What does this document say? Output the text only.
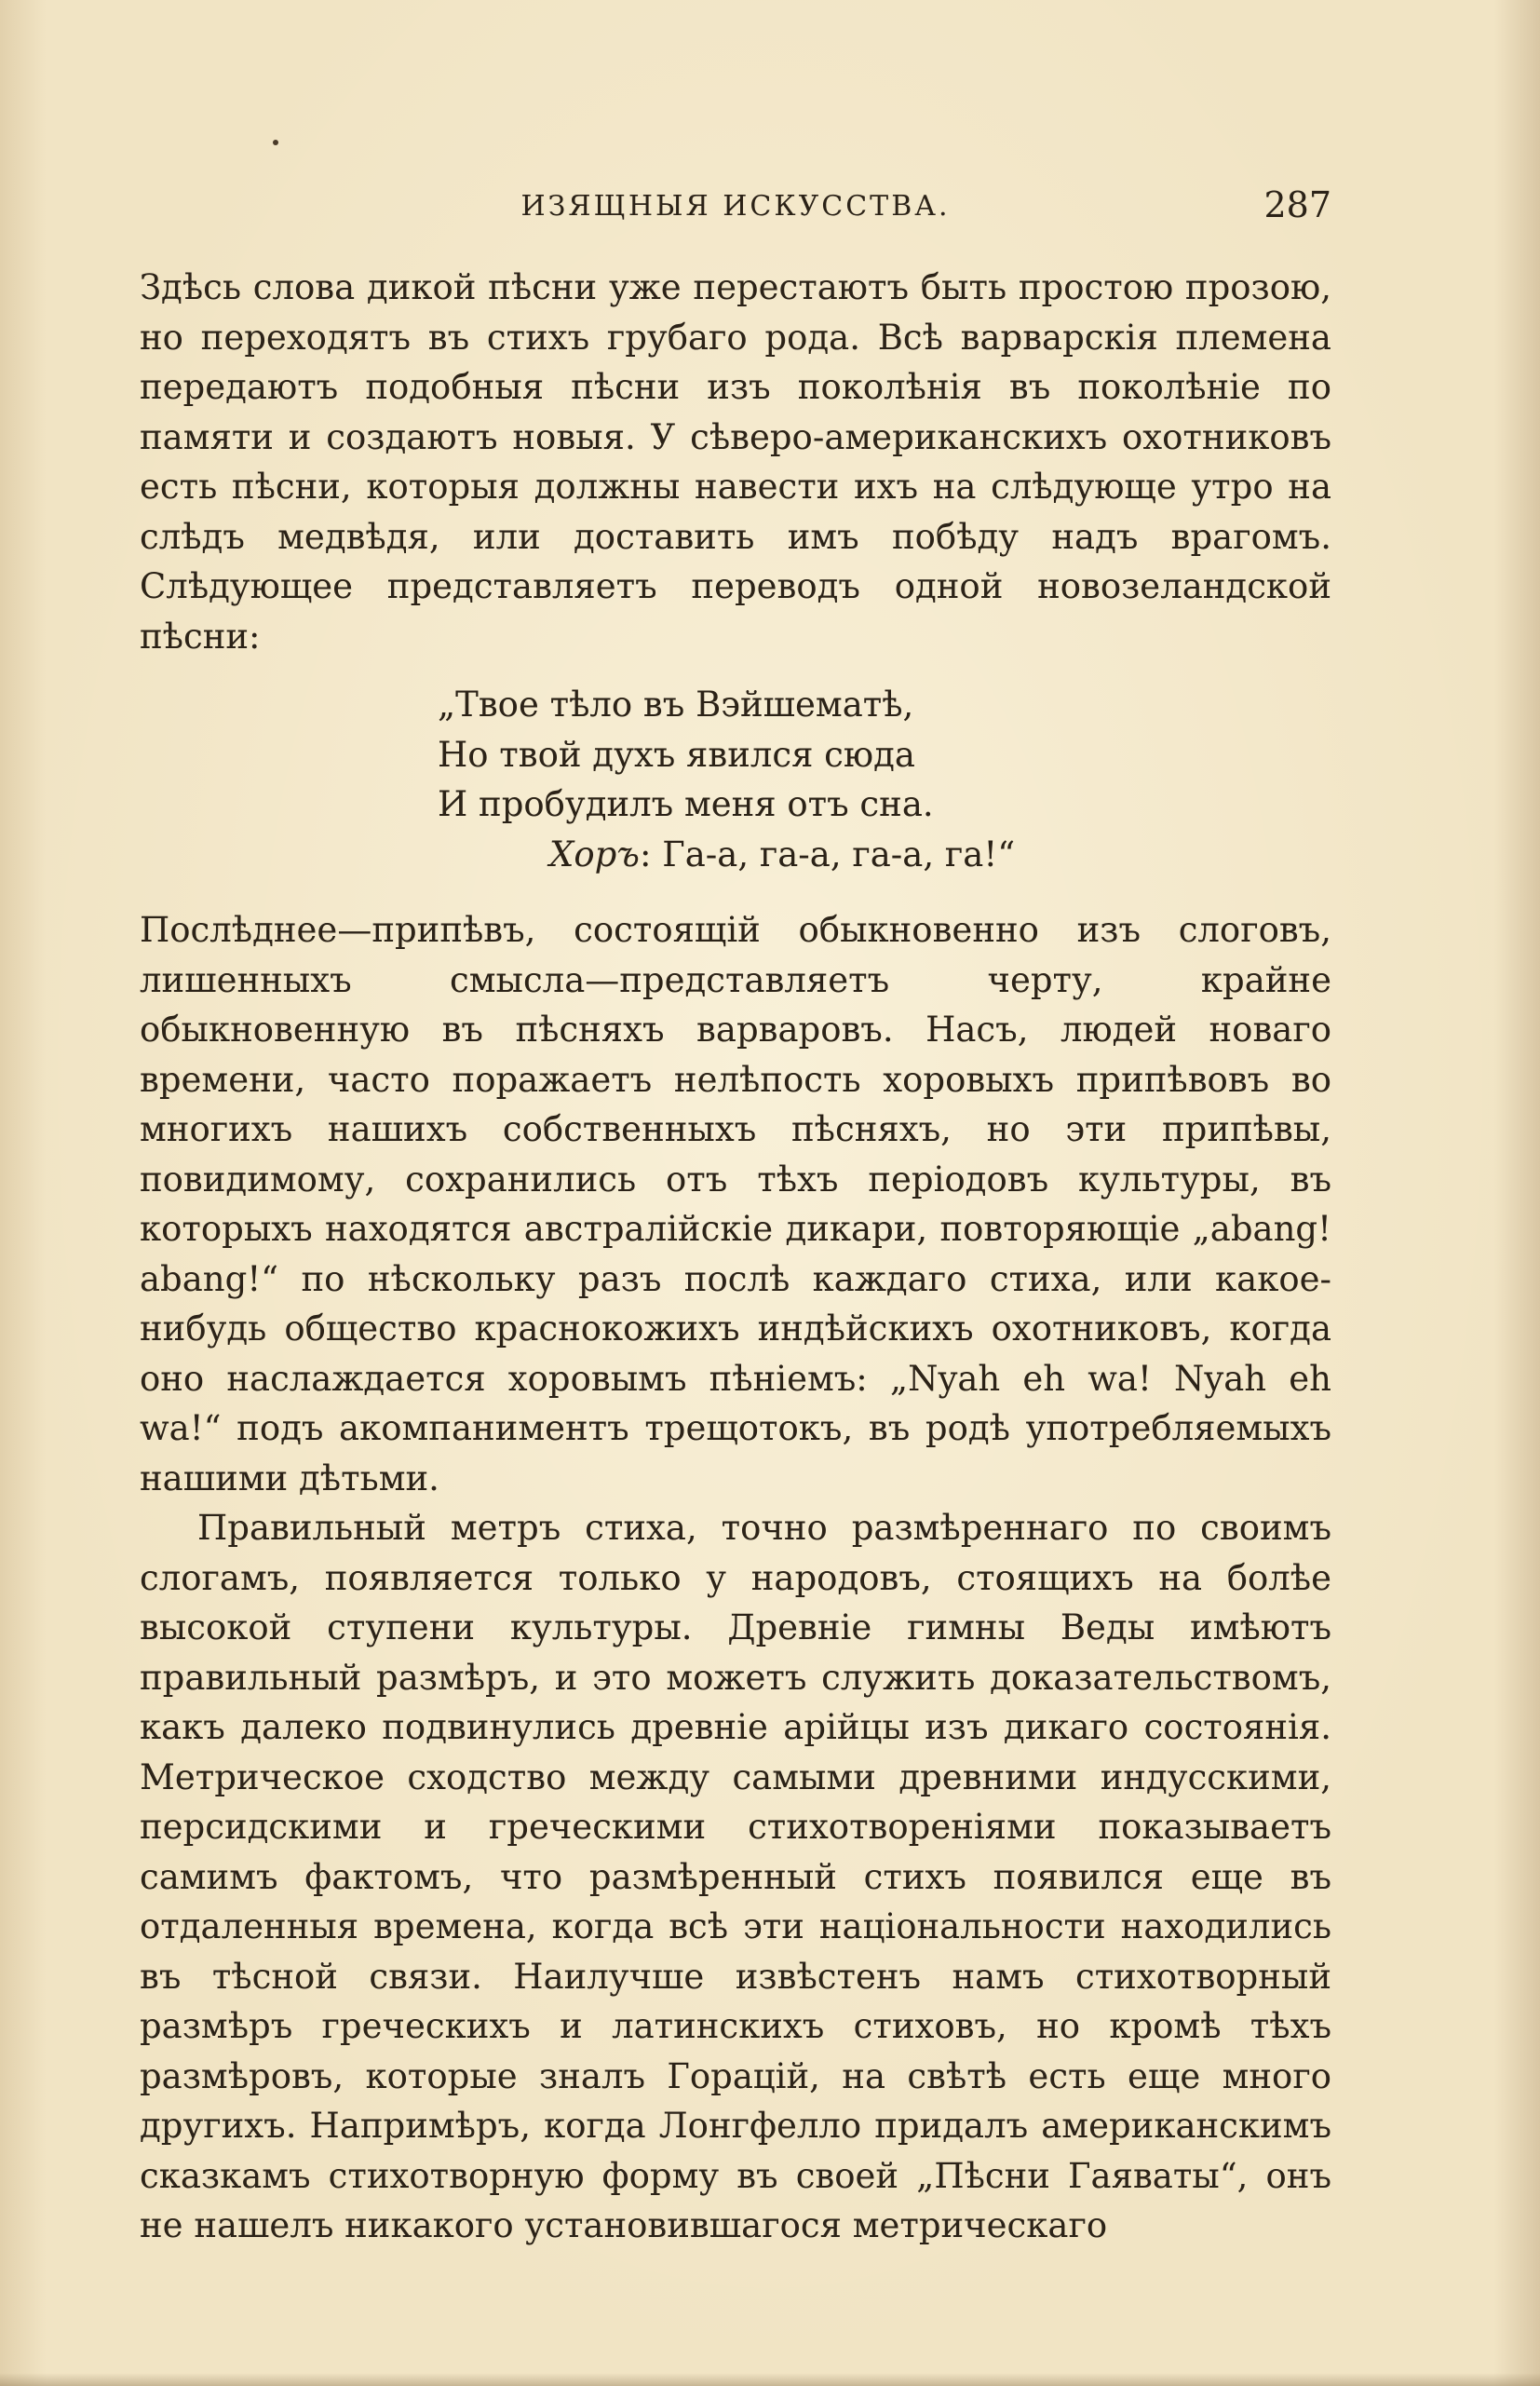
ИЗЯЩНЫЯ ИСКУССТВА.	287

Здѣсь слова дикой пѣсни уже перестаютъ быть простою прозою, но переходятъ въ стихъ грубаго рода. Всѣ варварскія племена передаютъ подобныя пѣсни изъ поколѣнія въ поколѣніе по памяти и создаютъ новыя. У сѣверо-американскихъ охотниковъ есть пѣсни, которыя должны навести ихъ на слѣдующе утро на слѣдъ медвѣдя, или доставить имъ побѣду надъ врагомъ. Слѣдующее представляетъ переводъ одной новозеландской пѣсни:

„Твое тѣло въ Вэйшематѣ,
Но твой духъ явился сюда
И пробудилъ меня отъ сна.
Хоръ: Га-а, га-а, га-а, га!“

Послѣднее—припѣвъ, состоящій обыкновенно изъ слоговъ, лишенныхъ смысла—представляетъ черту, крайне обыкновенную въ пѣсняхъ варваровъ. Насъ, людей новаго времени, часто поражаетъ нелѣпость хоровыхъ припѣвовъ во многихъ нашихъ собственныхъ пѣсняхъ, но эти припѣвы, повидимому, сохранились отъ тѣхъ періодовъ культуры, въ которыхъ находятся австралійскіе дикари, повторяющіе „abang! abang!“ по нѣскольку разъ послѣ каждаго стиха, или какое-нибудь общество краснокожихъ индѣйскихъ охотниковъ, когда оно наслаждается хоровымъ пѣніемъ: „Nyah eh wa! Nyah eh wa!“ подъ акомпаниментъ трещотокъ, въ родѣ употребляемыхъ нашими дѣтьми.

Правильный метръ стиха, точно размѣреннаго по своимъ слогамъ, появляется только у народовъ, стоящихъ на болѣе высокой ступени культуры. Древніе гимны Веды имѣютъ правильный размѣръ, и это можетъ служить доказательствомъ, какъ далеко подвинулись древніе арійцы изъ дикаго состоянія. Метрическое сходство между самыми древними индусскими, персидскими и греческими стихотвореніями показываетъ самимъ фактомъ, что размѣренный стихъ появился еще въ отдаленныя времена, когда всѣ эти національности находились въ тѣсной связи. Наилучше извѣстенъ намъ стихотворный размѣръ греческихъ и латинскихъ стиховъ, но кромѣ тѣхъ размѣровъ, которые зналъ Горацій, на свѣтѣ есть еще много другихъ. Напримѣръ, когда Лонгфелло придалъ американскимъ сказкамъ стихотворную форму въ своей „Пѣсни Гаяваты“, онъ не нашелъ никакого установившагося метрическаго
